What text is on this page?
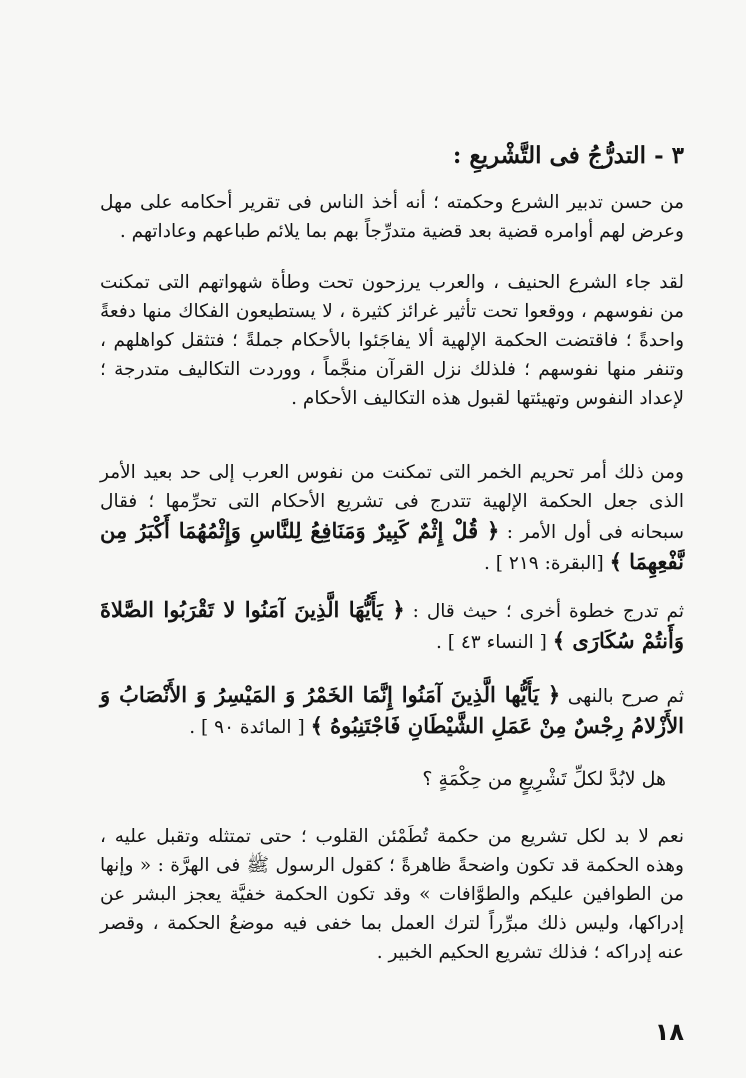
٣ - التدرُّجُ فى التَّشْريعِ :

من حسن تدبير الشرع وحكمته ؛ أنه أخذ الناس فى تقرير أحكامه على مهل وعرض لهم أوامره قضية بعد قضية متدرِّجاً بهم بما يلائم طباعهم وعاداتهم .

لقد جاء الشرع الحنيف ، والعرب يرزحون تحت وطأة شهواتهم التى تمكنت من نفوسهم ، ووقعوا تحت تأثير غرائز كثيرة ، لا يستطيعون الفكاك منها دفعةً واحدةً ؛ فاقتضت الحكمة الإلهية ألا يفاجَئوا بالأحكام جملةً ؛ فتثقل كواهلهم ، وتنفر منها نفوسهم ؛ فلذلك نزل القرآن منجَّماً ، ووردت التكاليف متدرجة ؛ لإعداد النفوس وتهيئتها لقبول هذه التكاليف الأحكام .

ومن ذلك أمر تحريم الخمر التى تمكنت من نفوس العرب إلى حد بعيد الأمر الذى جعل الحكمة الإلهية تتدرج فى تشريع الأحكام التى تحرِّمها ؛ فقال سبحانه فى أول الأمر : ﴿ قُلْ إِثْمٌ كَبِيرٌ وَمَنَافِعُ لِلنَّاسِ وَإِثْمُهُمَا أَكْبَرُ مِن نَّفْعِهِمَا ﴾ [البقرة: ٢١٩ ] .

ثم تدرج خطوة أخرى ؛ حيث قال : ﴿ يَأَيُّهَا الَّذِينَ آمَنُوا لا تَقْرَبُوا الصَّلاةَ وَأَنتُمْ سُكَارَى ﴾ [ النساء ٤٣ ] .

ثم صرح بالنهى ﴿ يَأَيُّها الَّذِينَ آمَنُوا إِنَّمَا الخَمْرُ وَ المَيْسِرُ وَ الأَنْصَابُ وَ الأَزْلامُ رِجْسٌ مِنْ عَمَلِ الشَّيْطَانِ فَاجْتَنِبُوهُ ﴾ [ المائدة ٩٠ ] .

هل لابُدَّ لكلِّ تَشْرِيعٍ من حِكْمَةٍ ؟

نعم لا بد لكل تشريع من حكمة تُطَمْئن القلوب ؛ حتى تمتثله وتقبل عليه ، وهذه الحكمة قد تكون واضحةً ظاهرةً ؛ كقول الرسول ﷺ فى الهرَّة : « وإنها من الطوافين عليكم والطوَّافات » وقد تكون الحكمة خفيَّة يعجز البشر عن إدراكها، وليس ذلك مبرِّراً لترك العمل بما خفى فيه موضعُ الحكمة ، وقصر عنه إدراكه ؛ فذلك تشريع الحكيم الخبير .

١٨
